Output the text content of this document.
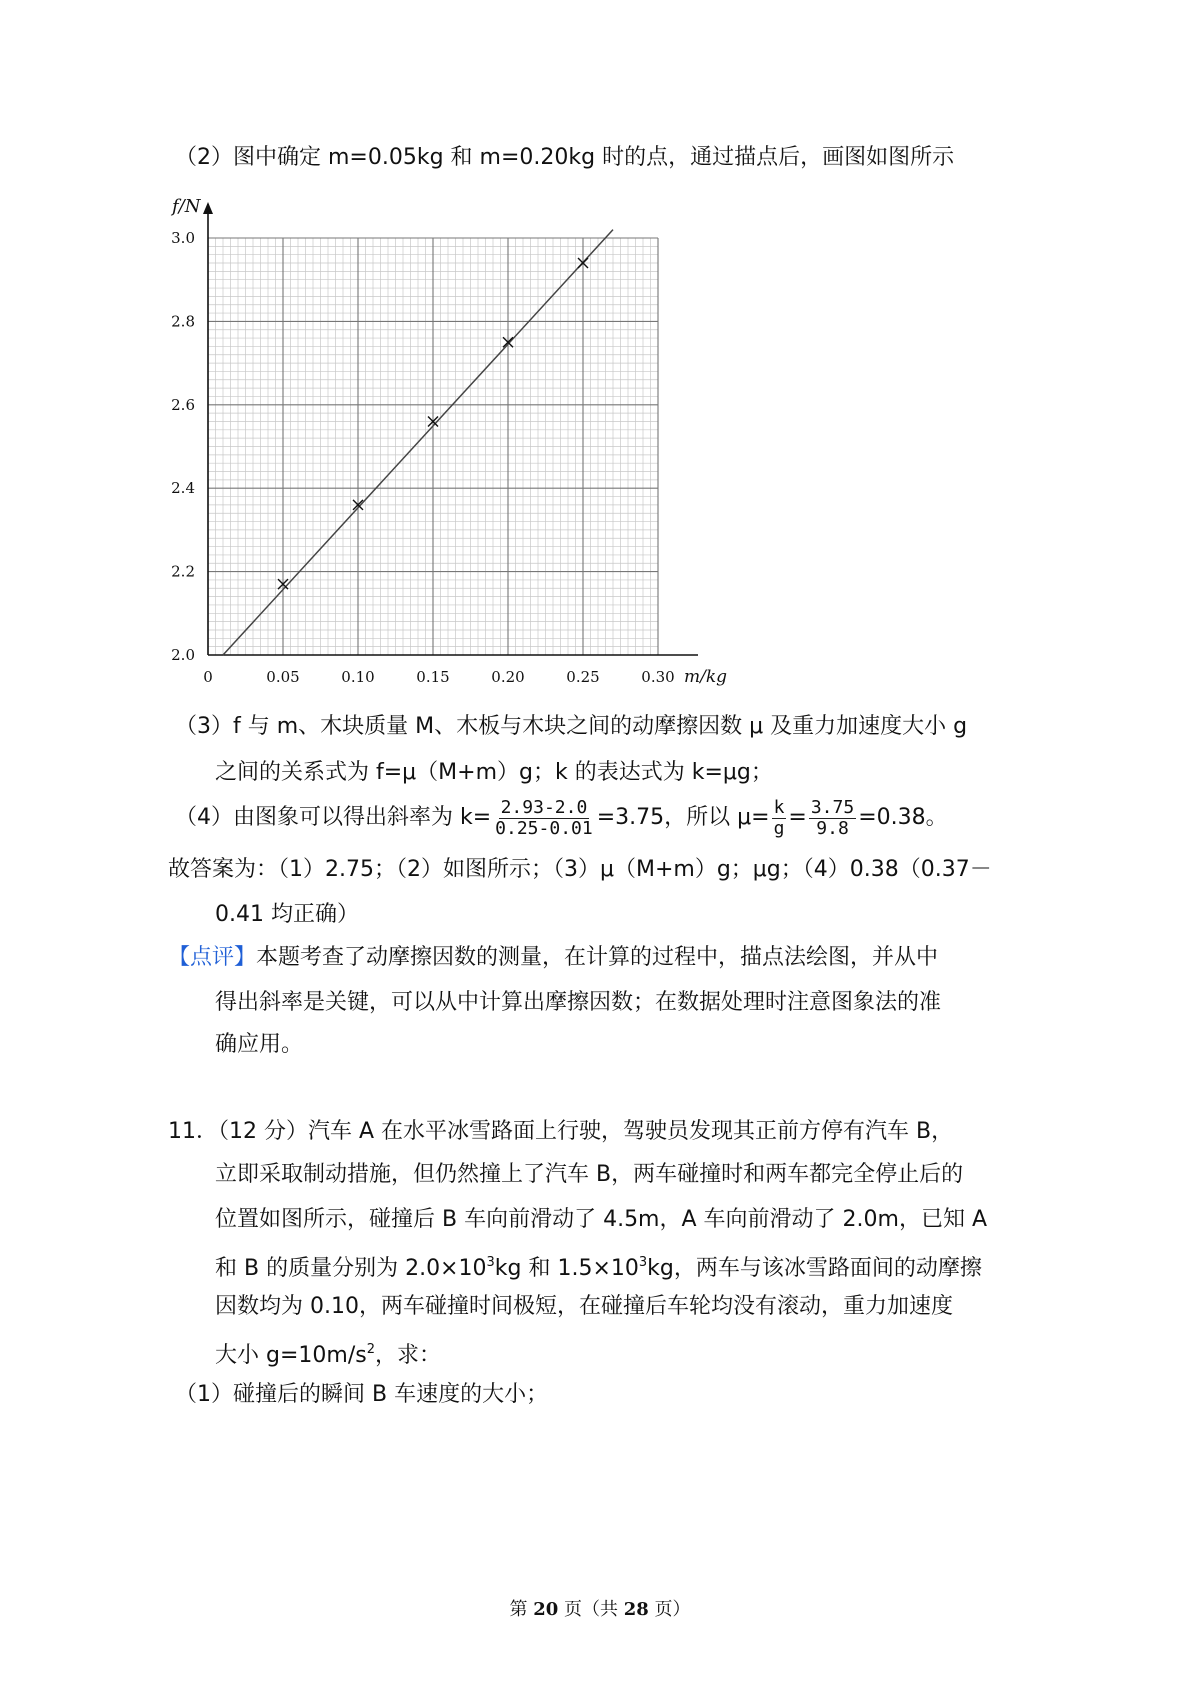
（2）图中确定 m=0.05kg 和 m=0.20kg 时的点，通过描点后，画图如图所示
f/N
m/kg
0	0.05	0.10	0.15	0.20	0.25	0.30
2.0
2.2
2.4
2.6
2.8
3.0
（3）f 与 m、木块质量 M、木板与木块之间的动摩擦因数 μ 及重力加速度大小 g
之间的关系式为 f=μ（M+m）g；k 的表达式为 k=μg；
（4）由图象可以得出斜率为 $k= \frac{2.93-2.0}{0.25-0.01} =3.75$，所以 $\mu= \frac{k}{g} = \frac{3.75}{9.8} =0.38$。
故答案为：（1）2.75；（2）如图所示；（3）μ（M+m）g；μg；（4）0.38（0.37－
0.41 均正确）
【点评】本题考查了动摩擦因数的测量，在计算的过程中，描点法绘图，并从中
得出斜率是关键，可以从中计算出摩擦因数；在数据处理时注意图象法的准
确应用。
11．（12 分）汽车 A 在水平冰雪路面上行驶，驾驶员发现其正前方停有汽车 B，
立即采取制动措施，但仍然撞上了汽车 B，两车碰撞时和两车都完全停止后的
位置如图所示，碰撞后 B 车向前滑动了 4.5m，A 车向前滑动了 2.0m，已知 A
和 B 的质量分别为 $2.0\times 10^3kg$ 和 $1.5\times 10^3kg$，两车与该冰雪路面间的动摩擦
因数均为 0.10，两车碰撞时间极短，在碰撞后车轮均没有滚动，重力加速度
大小 $g=10m/s^2$，求：
（1）碰撞后的瞬间 B 车速度的大小；
第 20 页（共 28 页）
